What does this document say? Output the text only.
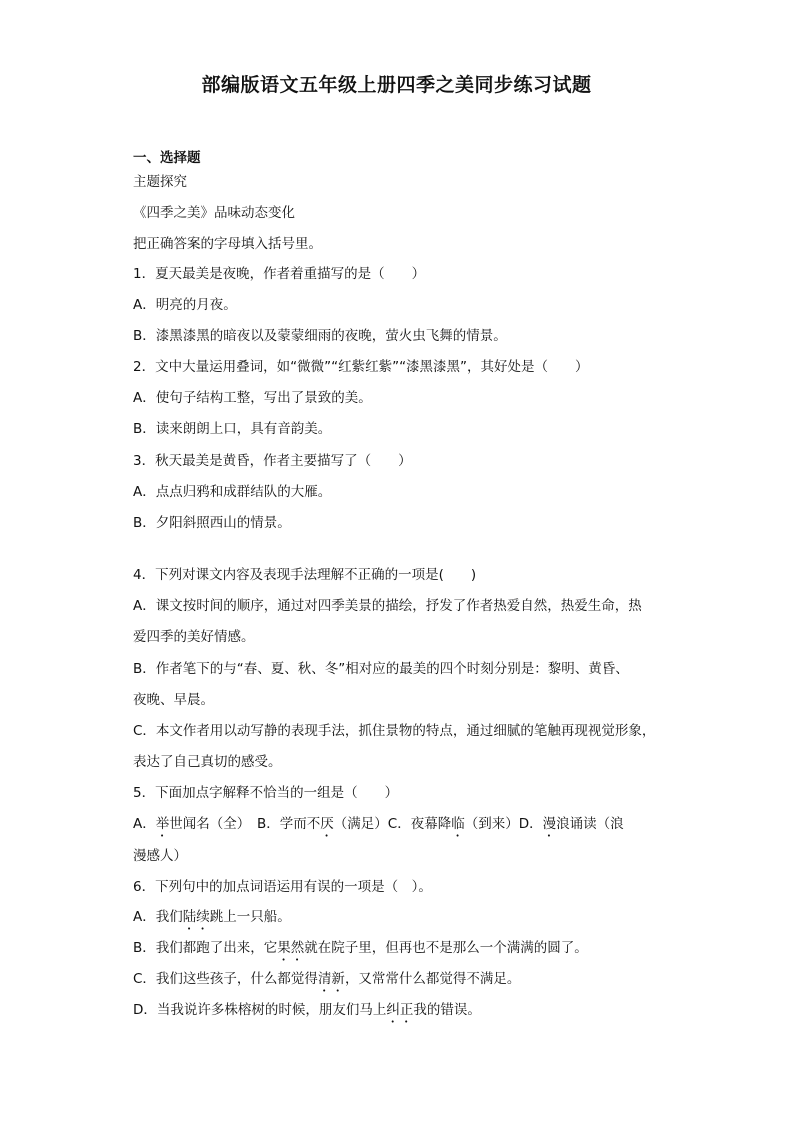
部编版语文五年级上册四季之美同步练习试题
一、选择题
主题探究
《四季之美》品味动态变化
把正确答案的字母填入括号里。
1．夏天最美是夜晚，作者着重描写的是（　　）
A．明亮的月夜。
B．漆黑漆黑的暗夜以及蒙蒙细雨的夜晚，萤火虫飞舞的情景。
2．文中大量运用叠词，如“微微”“红紫红紫”“漆黑漆黑”，其好处是（　　）
A．使句子结构工整，写出了景致的美。
B．读来朗朗上口，具有音韵美。
3．秋天最美是黄昏，作者主要描写了（　　）
A．点点归鸦和成群结队的大雁。
B．夕阳斜照西山的情景。
4．下列对课文内容及表现手法理解不正确的一项是(　　)
A．课文按时间的顺序，通过对四季美景的描绘，抒发了作者热爱自然，热爱生命，热
爱四季的美好情感。
B．作者笔下的与“春、夏、秋、冬”相对应的最美的四个时刻分别是：黎明、黄昏、
夜晚、早晨。
C．本文作者用以动写静的表现手法，抓住景物的特点，通过细腻的笔触再现视觉形象，
表达了自己真切的感受。
5．下面加点字解释不恰当的一组是（　　）
A．举世闻名（全）　B．学而不厌（满足）C．夜幕降临（到来）D．漫浪诵读（浪
漫感人）
6．下列句中的加点词语运用有误的一项是（　）。
A．我们陆续跳上一只船。
B．我们都跑了出来，它果然就在院子里，但再也不是那么一个满满的圆了。
C．我们这些孩子，什么都觉得清新，又常常什么都觉得不满足。
D．当我说许多株榕树的时候，朋友们马上纠正我的错误。
